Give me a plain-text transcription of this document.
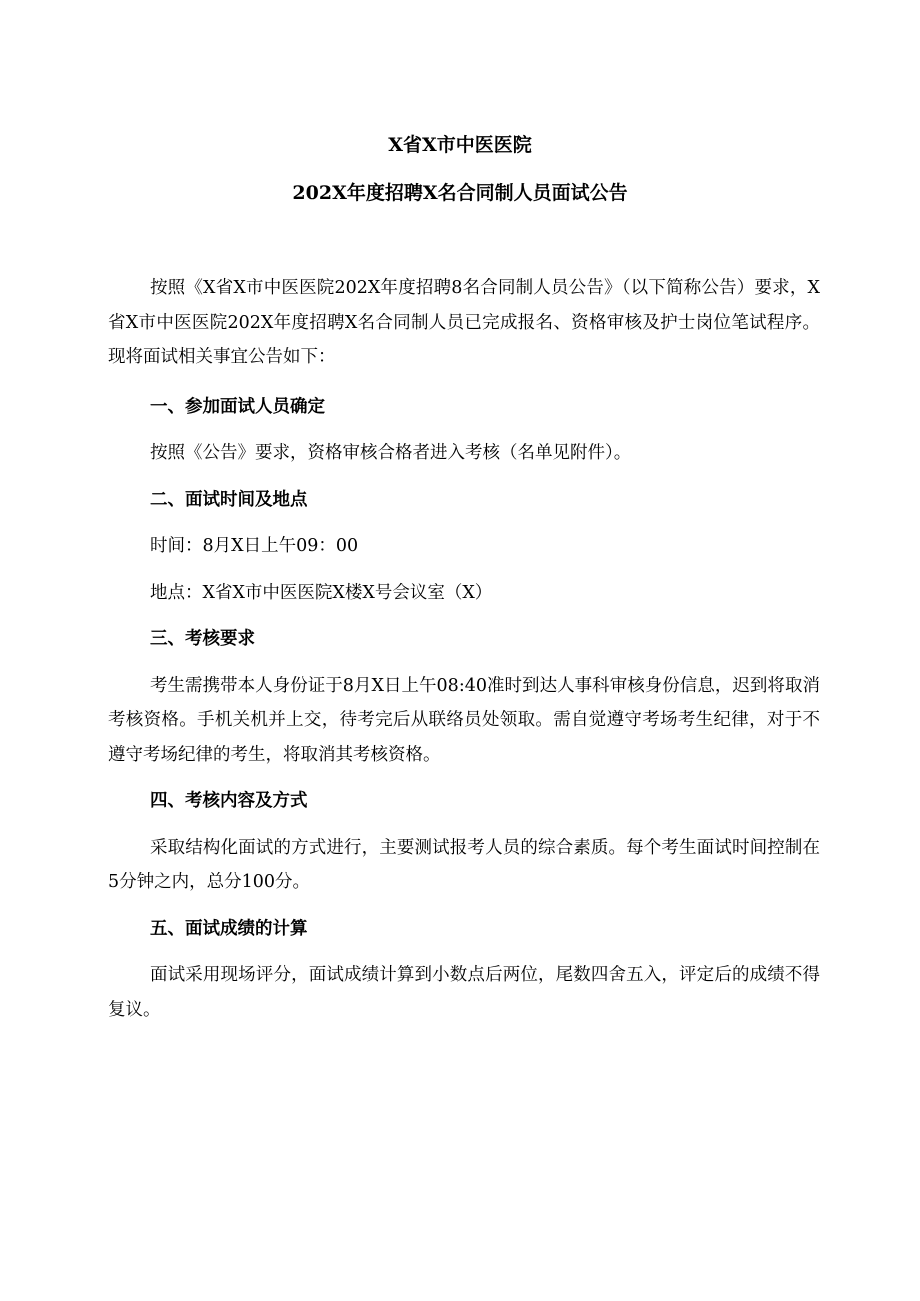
X省X市中医医院
202X年度招聘X名合同制人员面试公告

按照《X省X市中医医院202X年度招聘8名合同制人员公告》（以下简称公告）要求，X省X市中医医院202X年度招聘X名合同制人员已完成报名、资格审核及护士岗位笔试程序。现将面试相关事宜公告如下：

一、参加面试人员确定

按照《公告》要求，资格审核合格者进入考核（名单见附件）。

二、面试时间及地点

时间：8月X日上午09：00

地点：X省X市中医医院X楼X号会议室（X）

三、考核要求

考生需携带本人身份证于8月X日上午08:40准时到达人事科审核身份信息，迟到将取消考核资格。手机关机并上交，待考完后从联络员处领取。需自觉遵守考场考生纪律，对于不遵守考场纪律的考生，将取消其考核资格。

四、考核内容及方式

采取结构化面试的方式进行，主要测试报考人员的综合素质。每个考生面试时间控制在5分钟之内，总分100分。

五、面试成绩的计算

面试采用现场评分，面试成绩计算到小数点后两位，尾数四舍五入，评定后的成绩不得复议。
